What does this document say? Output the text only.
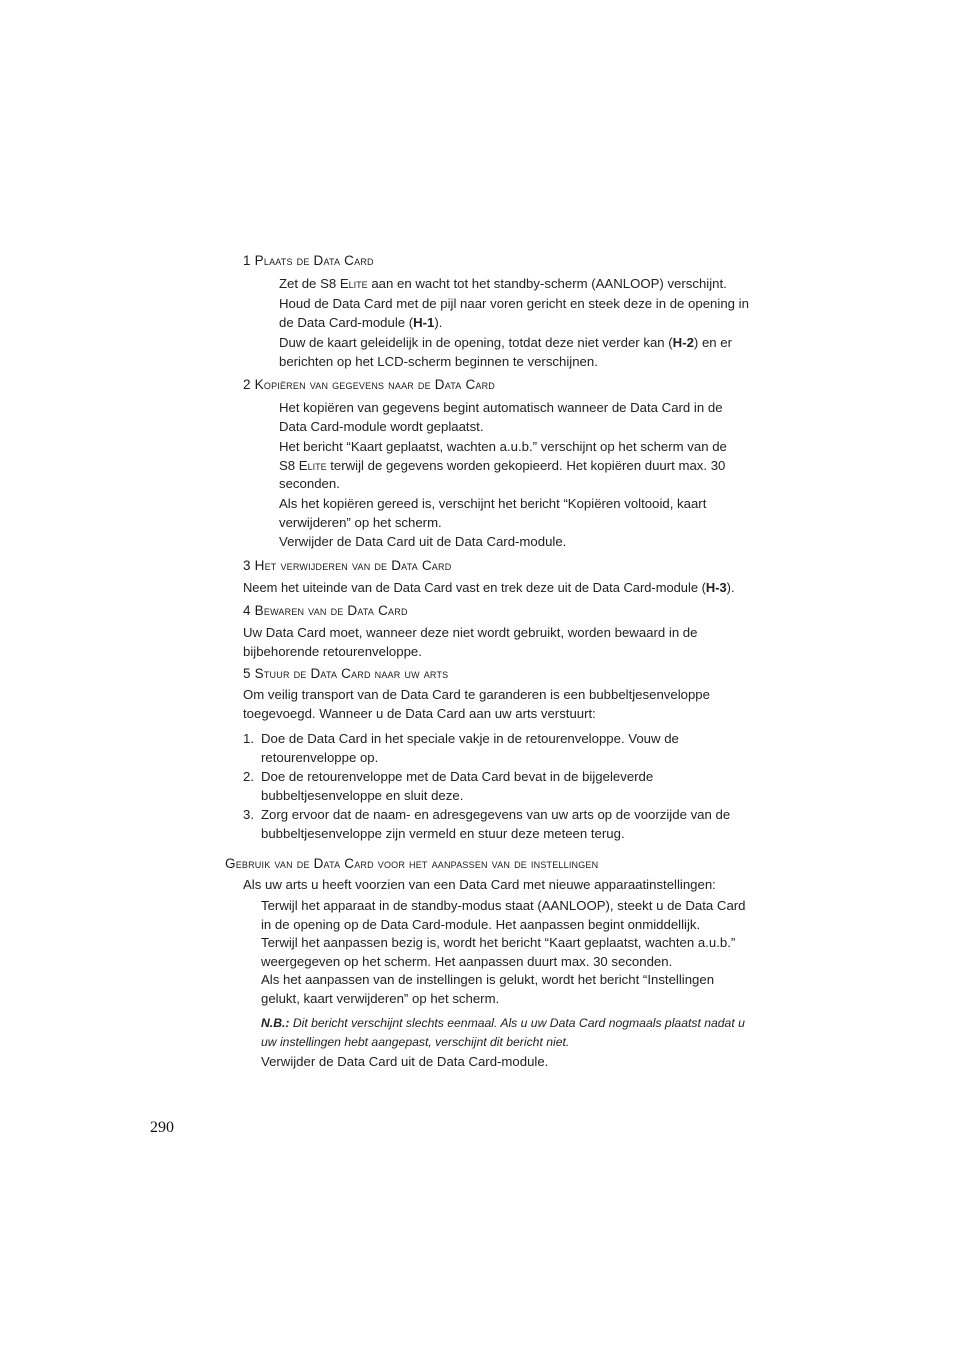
1 Plaats de Data Card

Zet de S8 Elite aan en wacht tot het standby-scherm (AANLOOP) verschijnt.

Houd de Data Card met de pijl naar voren gericht en steek deze in de opening in de Data Card-module (H-1).

Duw de kaart geleidelijk in de opening, totdat deze niet verder kan (H-2) en er berichten op het LCD-scherm beginnen te verschijnen.

2 Kopiëren van gegevens naar de Data Card

Het kopiëren van gegevens begint automatisch wanneer de Data Card in de Data Card-module wordt geplaatst.

Het bericht “Kaart geplaatst, wachten a.u.b.” verschijnt op het scherm van de S8 Elite terwijl de gegevens worden gekopieerd. Het kopiëren duurt max. 30 seconden.

Als het kopiëren gereed is, verschijnt het bericht “Kopiëren voltooid, kaart verwijderen” op het scherm.

Verwijder de Data Card uit de Data Card-module.

3 Het verwijderen van de Data Card

Neem het uiteinde van de Data Card vast en trek deze uit de Data Card-module (H-3).

4 Bewaren van de Data Card

Uw Data Card moet, wanneer deze niet wordt gebruikt, worden bewaard in de bijbehorende retourenveloppe.

5 Stuur de Data Card naar uw arts

Om veilig transport van de Data Card te garanderen is een bubbeltjesenveloppe toegevoegd. Wanneer u de Data Card aan uw arts verstuurt:

1. Doe de Data Card in het speciale vakje in de retourenveloppe. Vouw de retourenveloppe op.

2. Doe de retourenveloppe met de Data Card bevat in de bijgeleverde bubbeltjesenveloppe en sluit deze.

3. Zorg ervoor dat de naam- en adresgegevens van uw arts op de voorzijde van de bubbeltjesenveloppe zijn vermeld en stuur deze meteen terug.

Gebruik van de Data Card voor het aanpassen van de instellingen

Als uw arts u heeft voorzien van een Data Card met nieuwe apparaatinstellingen:

Terwijl het apparaat in de standby-modus staat (AANLOOP), steekt u de Data Card in de opening op de Data Card-module. Het aanpassen begint onmiddellijk.

Terwijl het aanpassen bezig is, wordt het bericht “Kaart geplaatst, wachten a.u.b.” weergegeven op het scherm. Het aanpassen duurt max. 30 seconden.

Als het aanpassen van de instellingen is gelukt, wordt het bericht “Instellingen gelukt, kaart verwijderen” op het scherm.

N.B.: Dit bericht verschijnt slechts eenmaal. Als u uw Data Card nogmaals plaatst nadat u uw instellingen hebt aangepast, verschijnt dit bericht niet.

Verwijder de Data Card uit de Data Card-module.

290
